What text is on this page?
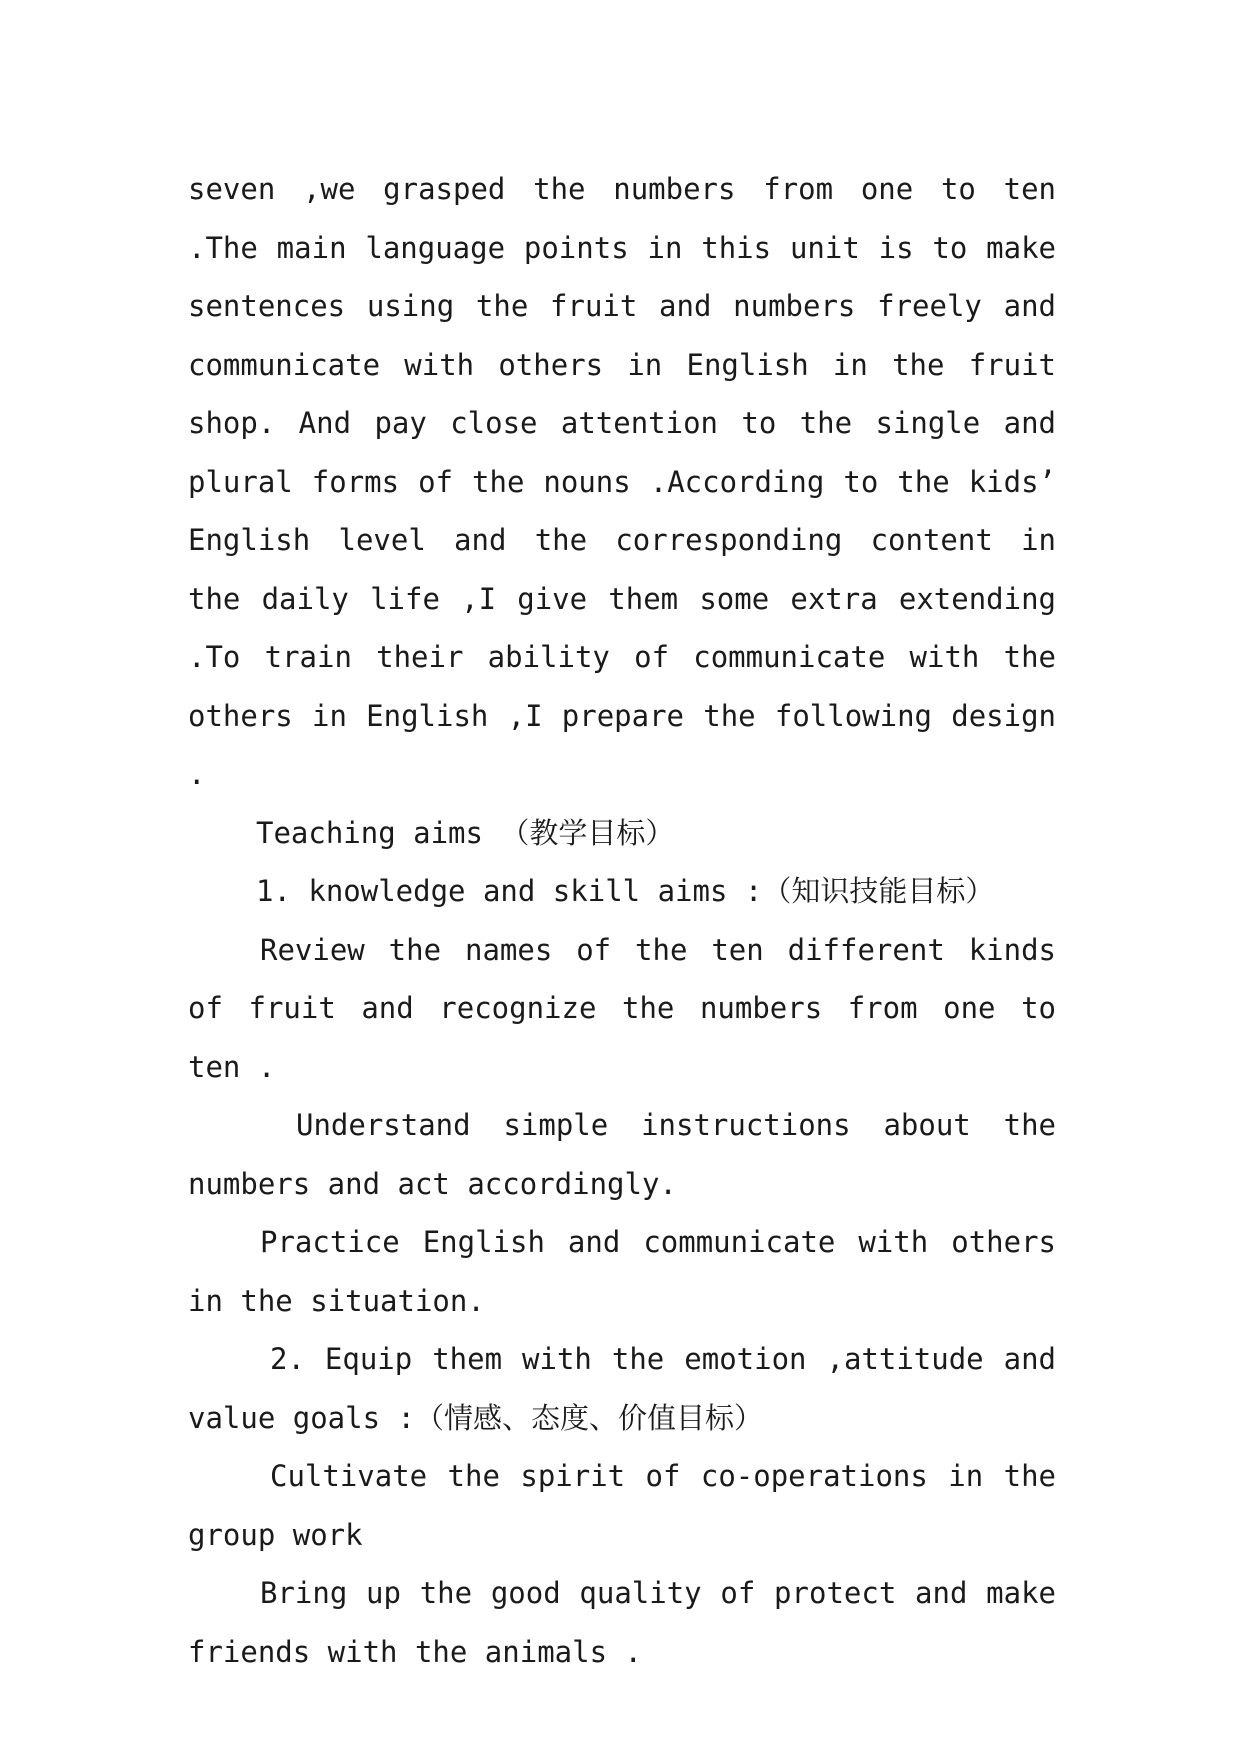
seven ,we grasped the numbers from one to ten .The main language points in this unit is to make sentences using the fruit and numbers freely and communicate with others in English in the fruit shop. And pay close attention to the single and plural forms of the nouns .According to the kids’ English level and the corresponding content in the daily life ,I give them some extra extending .To train their ability of communicate with the others in English ,I prepare the following design .

Teaching aims （教学目标）

1. knowledge and skill aims :（知识技能目标）

Review the names of the ten different kinds of fruit and recognize the numbers from one to ten .

Understand simple instructions about the numbers and act accordingly.

Practice English and communicate with others in the situation.

2. Equip them with the emotion ,attitude and value goals :（情感、态度、价值目标）

Cultivate the spirit of co-operations in the group work

Bring up the good quality of protect and make friends with the animals .
